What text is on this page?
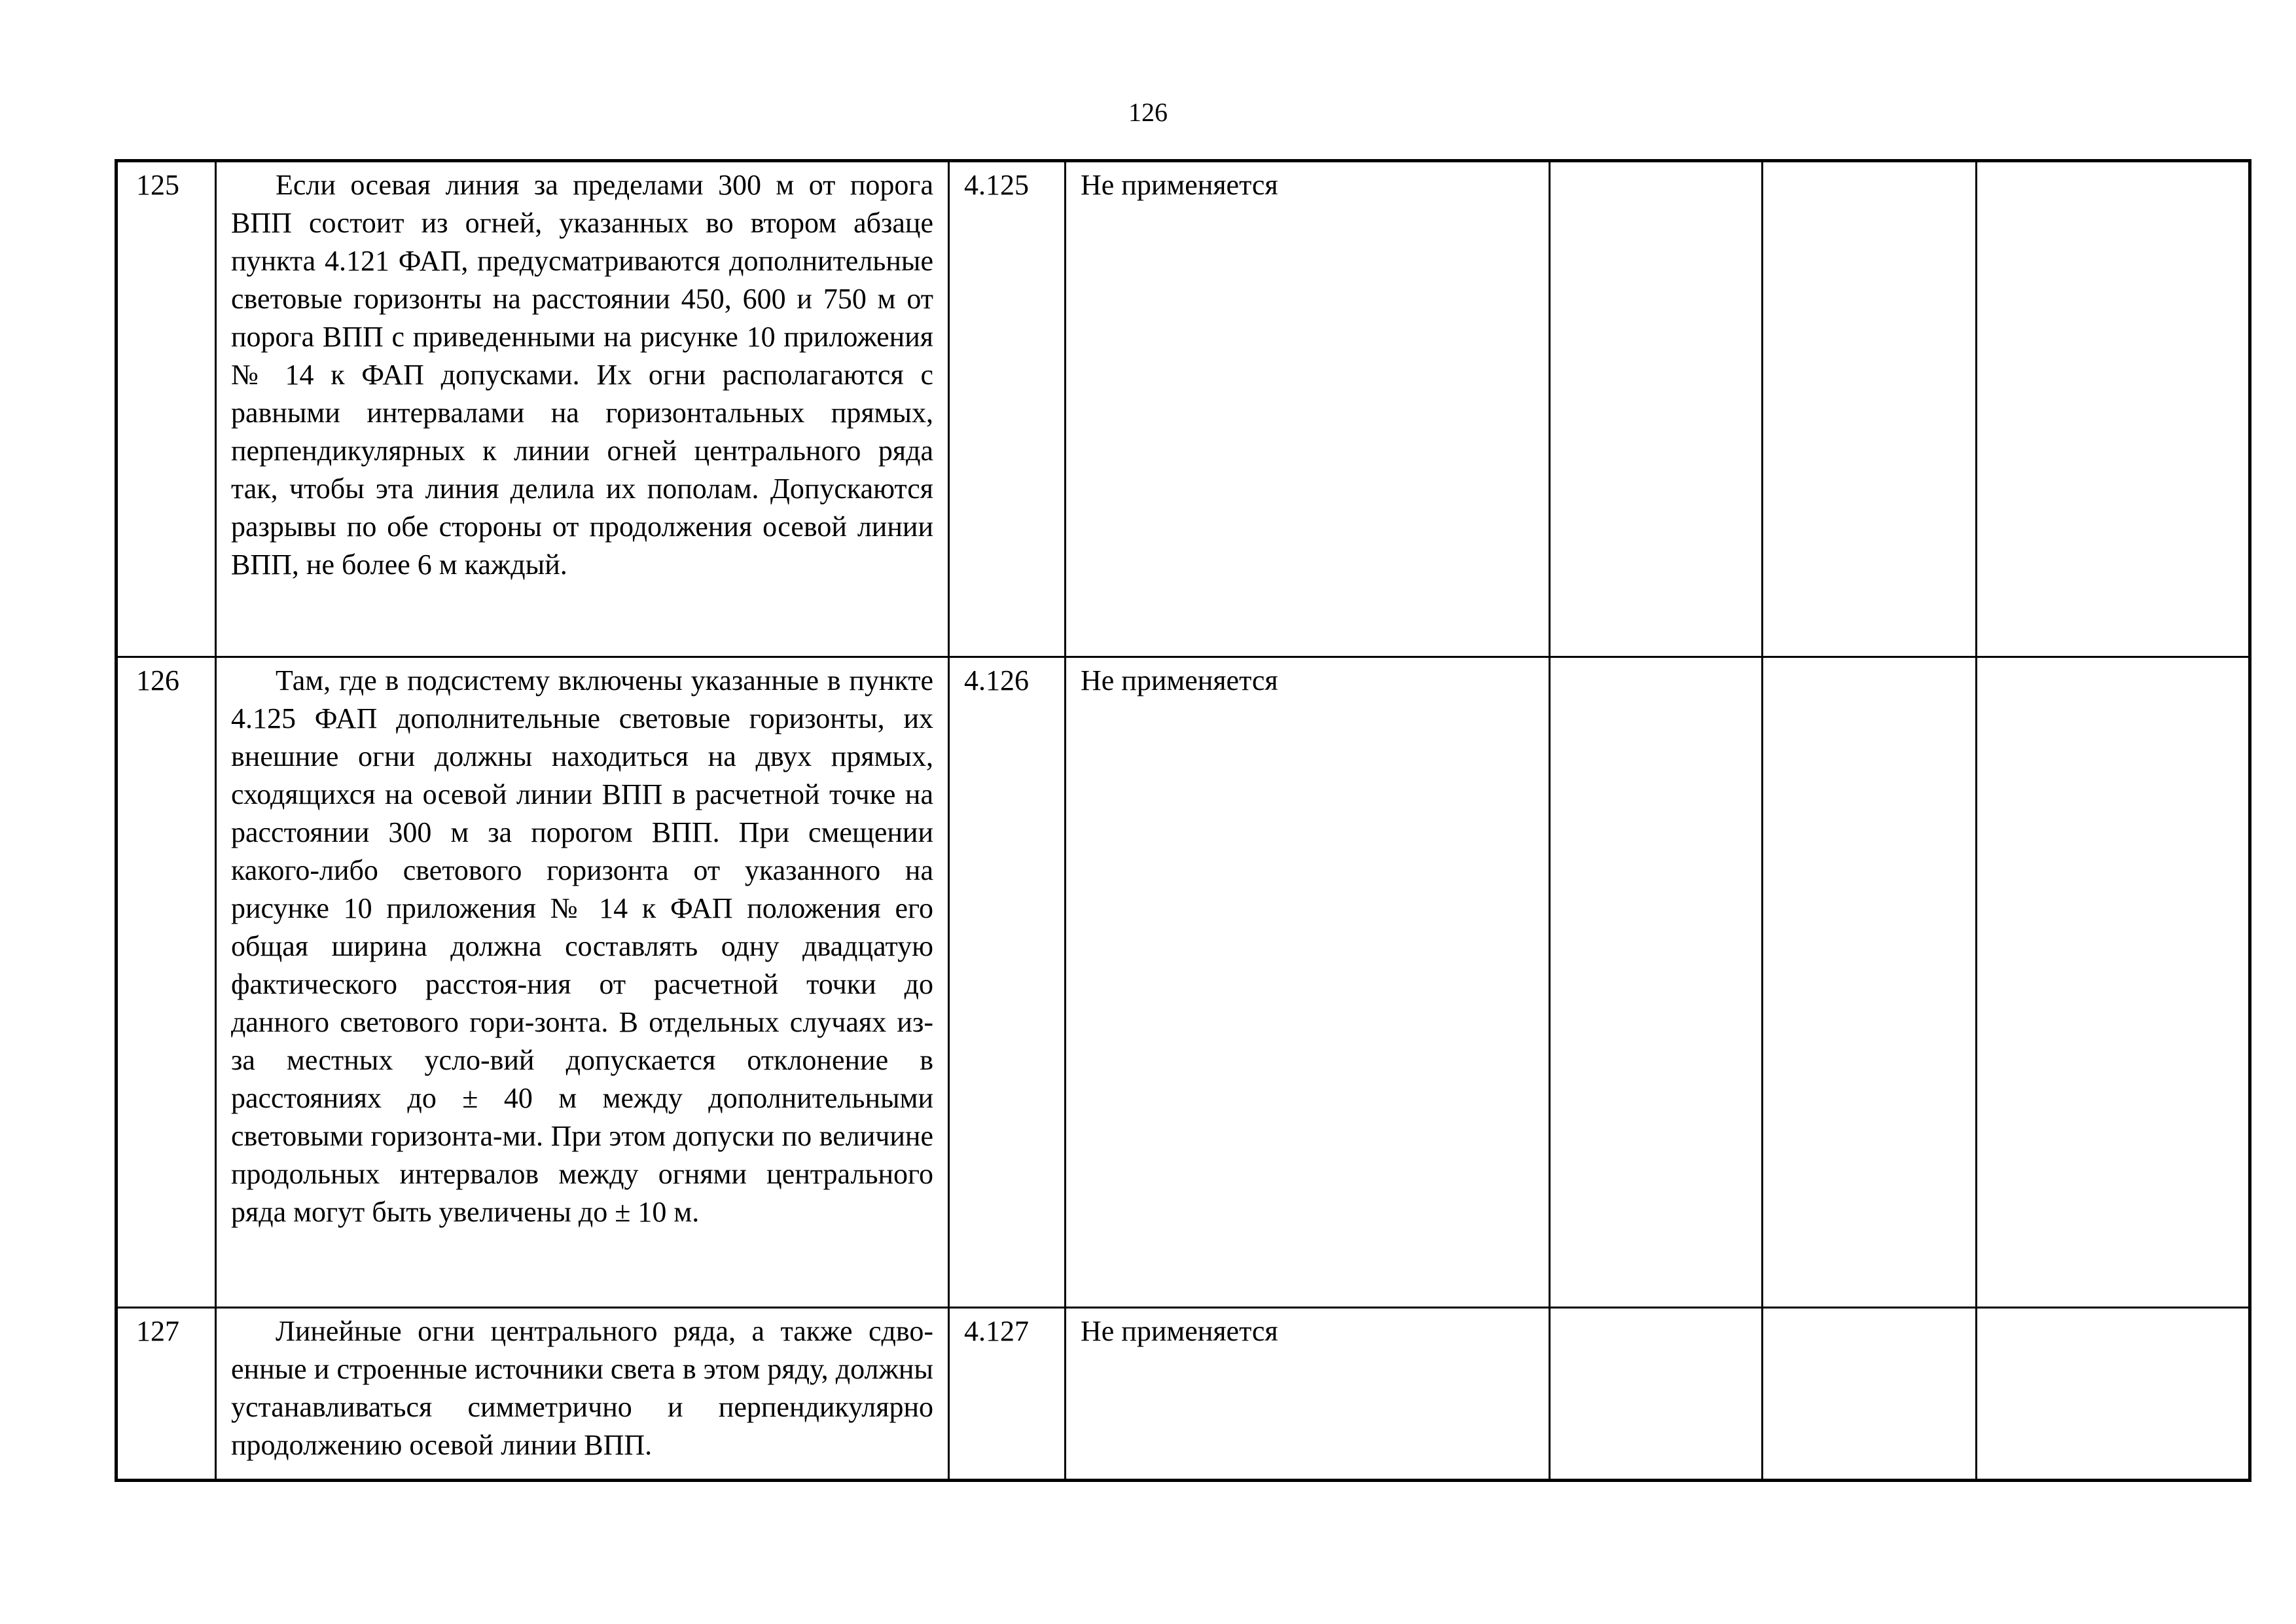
126
125	Если осевая линия за пределами 300 м от порога ВПП состоит из огней, указанных во втором абзаце пункта 4.121 ФАП, предусматриваются дополнительные световые горизонты на расстоянии 450, 600 и 750 м от порога ВПП с приведенными на рисунке 10 приложения № 14 к ФАП допусками. Их огни располагаются с равными интервалами на горизонтальных прямых, перпендикулярных к линии огней центрального ряда так, чтобы эта линия делила их пополам. Допускаются разрывы по обе стороны от продолжения осевой линии ВПП, не более 6 м каждый.	4.125	Не применяется			
126	Там, где в подсистему включены указанные в пункте 4.125 ФАП дополнительные световые горизонты, их внешние огни должны находиться на двух прямых, сходящихся на осевой линии ВПП в расчетной точке на расстоянии 300 м за порогом ВПП. При смещении какого-либо светового горизонта от указанного на рисунке 10 приложения № 14 к ФАП положения его общая ширина должна составлять одну двадцатую фактического расстоя-ния от расчетной точки до данного светового гори-зонта. В отдельных случаях из-за местных усло-вий допускается отклонение в расстояниях до ± 40 м между дополнительными световыми горизонта-ми. При этом допуски по величине продольных интервалов между огнями центрального ряда могут быть увеличены до ± 10 м.	4.126	Не применяется			
127	Линейные огни центрального ряда, а также сдво-енные и строенные источники света в этом ряду, должны устанавливаться симметрично и перпендикулярно продолжению осевой линии ВПП.	4.127	Не применяется			
